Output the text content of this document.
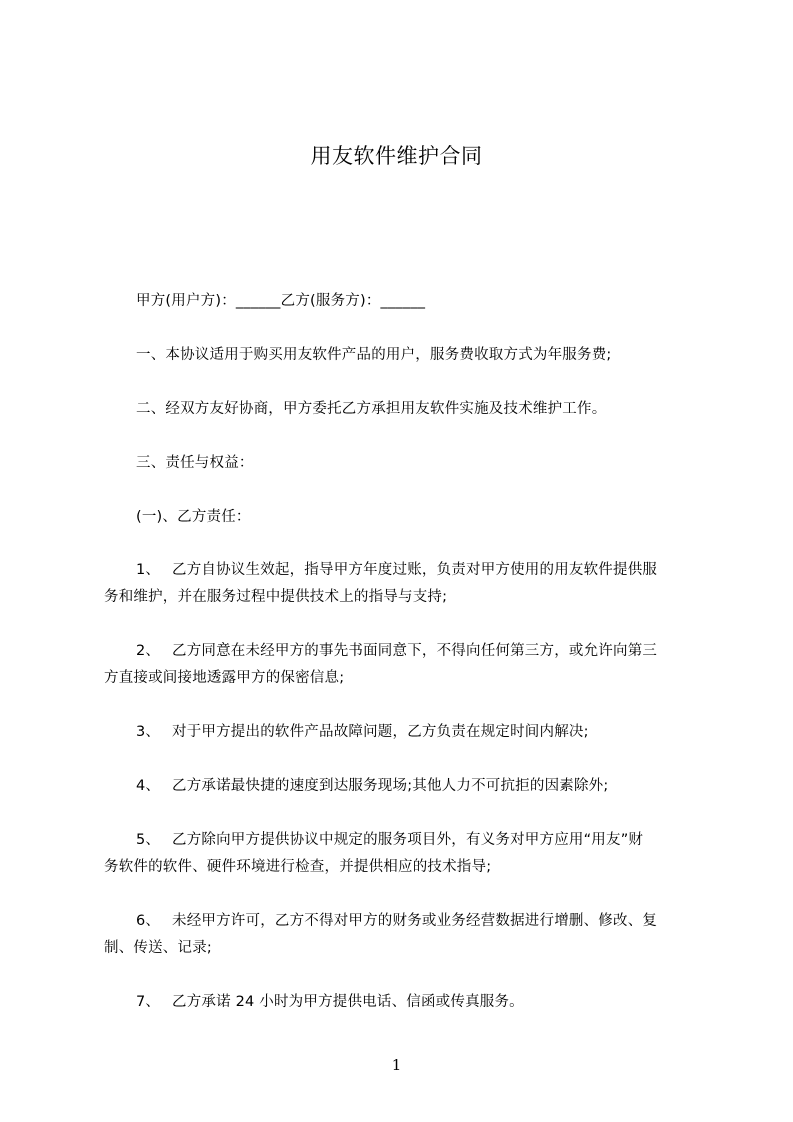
用友软件维护合同
甲方(用户方)：______乙方(服务方)：______
一、本协议适用于购买用友软件产品的用户，服务费收取方式为年服务费;
二、经双方友好协商，甲方委托乙方承担用友软件实施及技术维护工作。
三、责任与权益：
(一)、乙方责任：
1、 乙方自协议生效起，指导甲方年度过账，负责对甲方使用的用友软件提供服
务和维护，并在服务过程中提供技术上的指导与支持;
2、 乙方同意在未经甲方的事先书面同意下，不得向任何第三方，或允许向第三
方直接或间接地透露甲方的保密信息;
3、 对于甲方提出的软件产品故障问题，乙方负责在规定时间内解决;
4、 乙方承诺最快捷的速度到达服务现场;其他人力不可抗拒的因素除外;
5、 乙方除向甲方提供协议中规定的服务项目外，有义务对甲方应用“用友”财
务软件的软件、硬件环境进行检查，并提供相应的技术指导;
6、 未经甲方许可，乙方不得对甲方的财务或业务经营数据进行增删、修改、复
制、传送、记录;
7、 乙方承诺 24 小时为甲方提供电话、信函或传真服务。
1
